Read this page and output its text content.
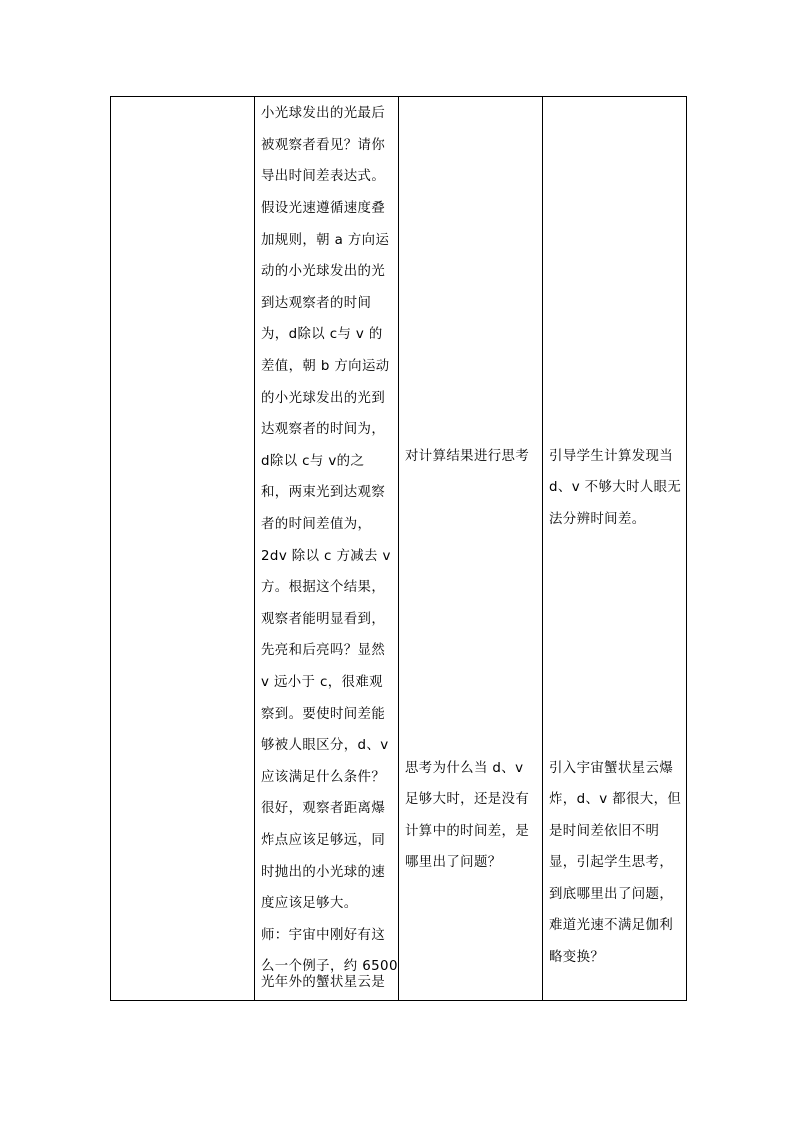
小光球发出的光最后
被观察者看见？请你
导出时间差表达式。
假设光速遵循速度叠
加规则，朝 a 方向运
动的小光球发出的光
到达观察者的时间
为，d除以 c与 v 的
差值，朝 b 方向运动
的小光球发出的光到
达观察者的时间为，
d除以 c与 v的之
和，两束光到达观察
者的时间差值为，
2dv 除以 c 方减去 v
方。根据这个结果，
观察者能明显看到，
先亮和后亮吗？显然
v 远小于 c，很难观
察到。要使时间差能
够被人眼区分，d、v
应该满足什么条件？
很好，观察者距离爆
炸点应该足够远，同
时抛出的小光球的速
度应该足够大。
师：宇宙中刚好有这
么一个例子，约 6500
光年外的蟹状星云是
对计算结果进行思考
思考为什么当 d、v
足够大时，还是没有
计算中的时间差，是
哪里出了问题？
引导学生计算发现当
d、v 不够大时人眼无
法分辨时间差。
引入宇宙蟹状星云爆
炸，d、v 都很大，但
是时间差依旧不明
显，引起学生思考，
到底哪里出了问题，
难道光速不满足伽利
略变换？
